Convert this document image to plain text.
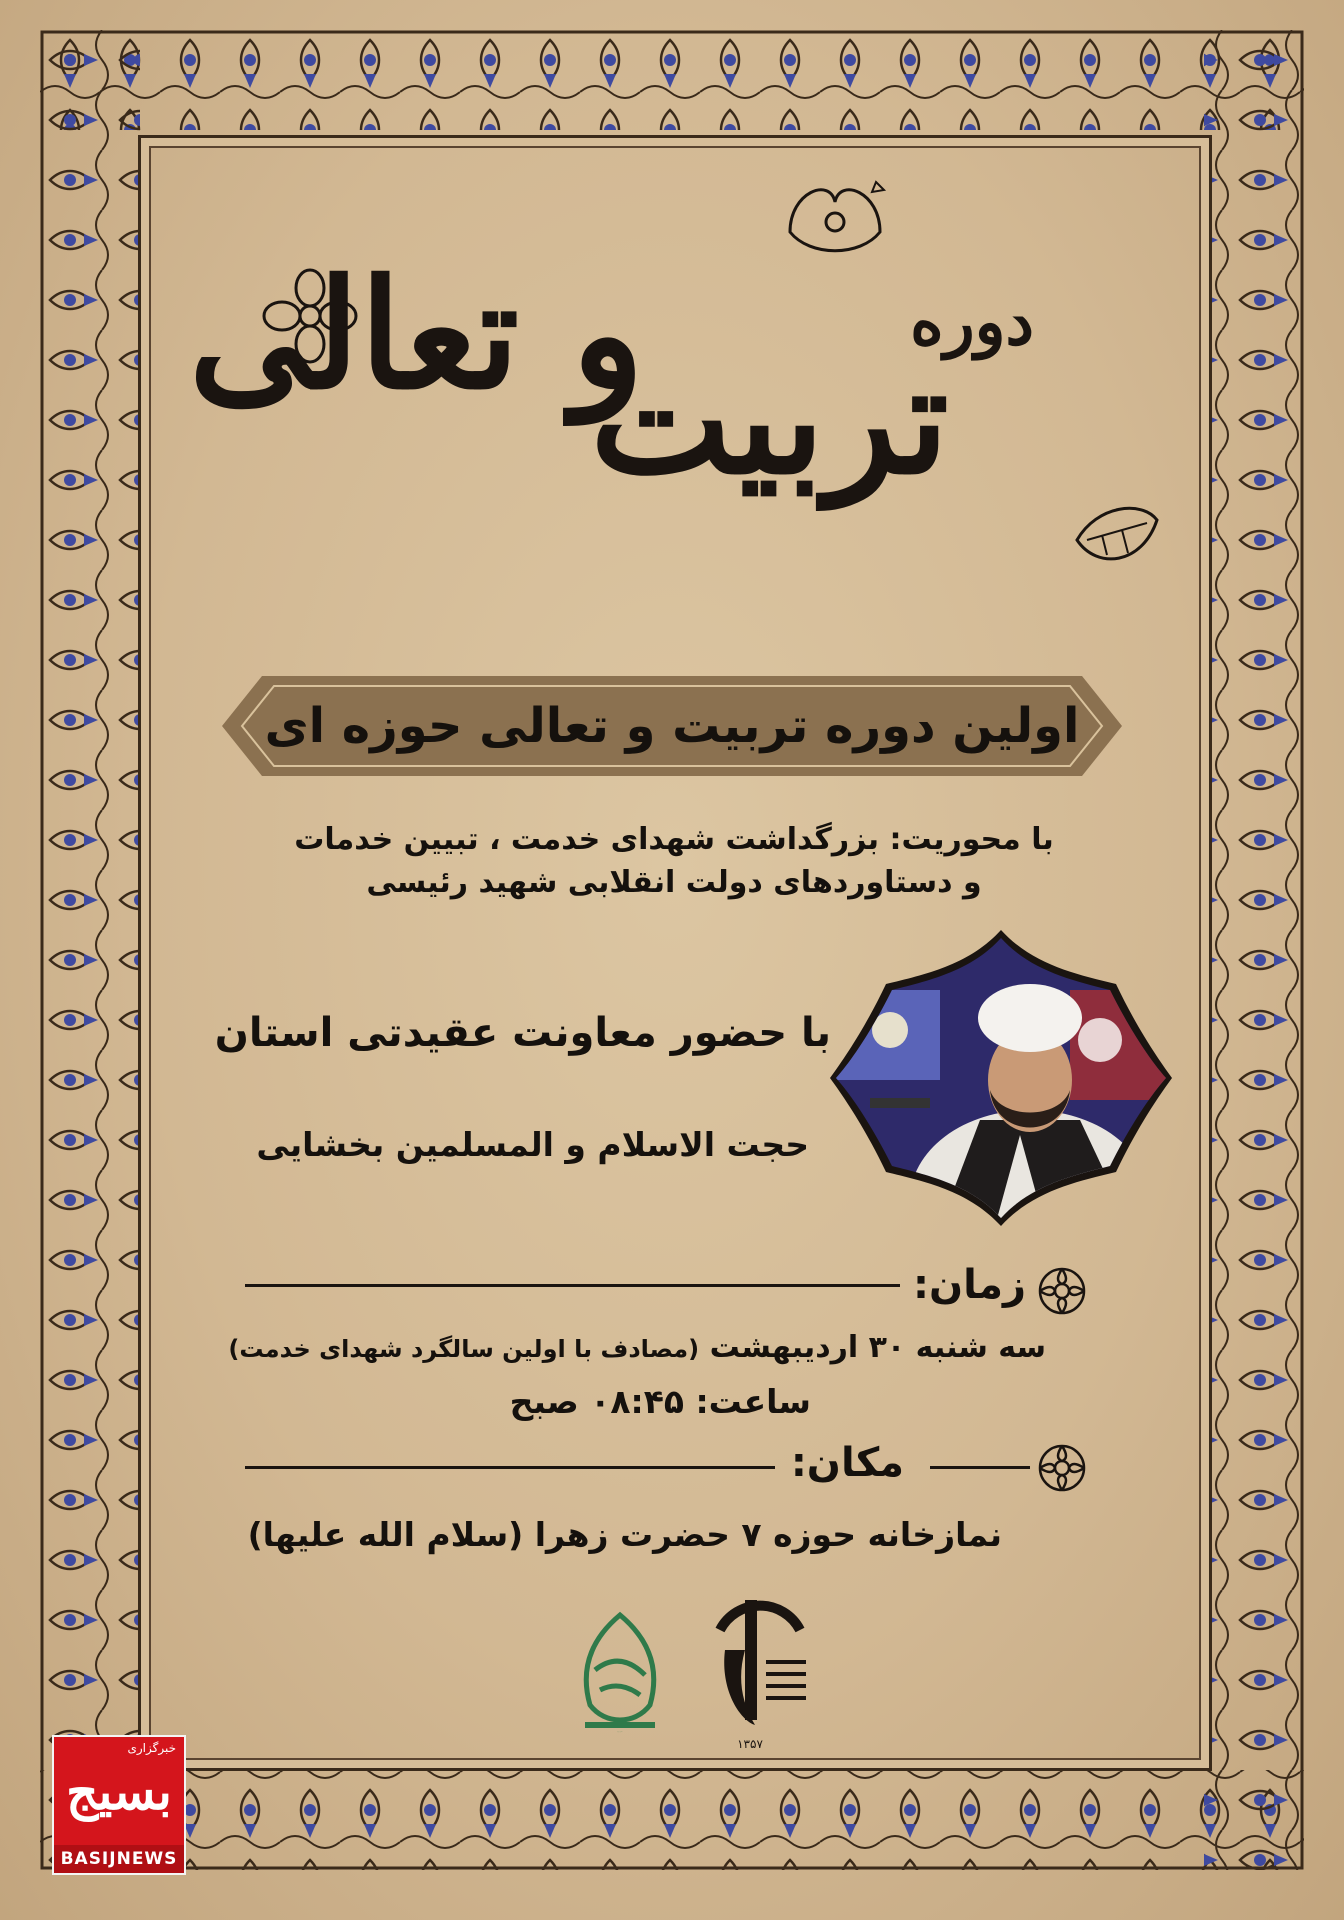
دوره
و تعالی
تربیت
اولین دوره تربیت و تعالی حوزه ای
با محوریت: بزرگداشت شهدای خدمت ، تبیین خدمات
و دستاوردهای دولت انقلابی شهید رئیسی
با حضور معاونت عقیدتی استان
حجت الاسلام و المسلمین بخشایی
زمان:
سه شنبه ۳۰ اردیبهشت (مصادف با اولین سالگرد شهدای خدمت)
ساعت: ۰۸:۴۵ صبح
مکان:
نمازخانه حوزه ۷ حضرت زهرا (سلام الله علیها)
حضرت زهرا
۱۳۵۷
خبرگزاری
بسیج
BASIJNEWS
